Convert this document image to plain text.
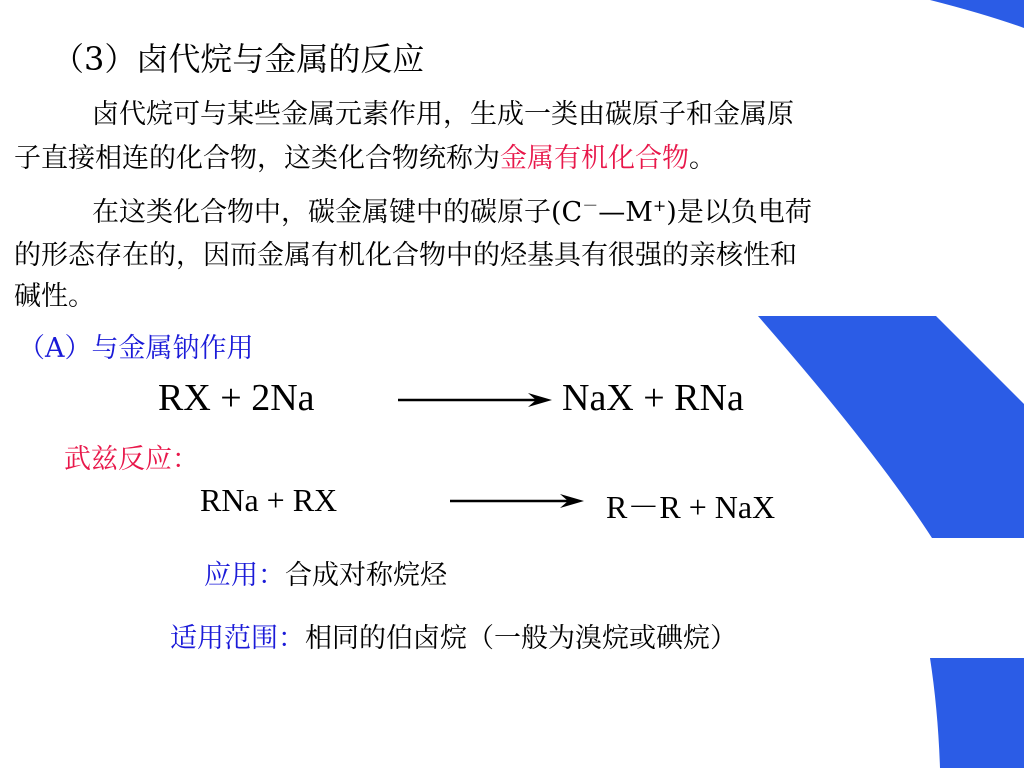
（3）卤代烷与金属的反应
卤代烷可与某些金属元素作用，生成一类由碳原子和金属原
子直接相连的化合物，这类化合物统称为金属有机化合物。
在这类化合物中，碳金属键中的碳原子(C－—M+)是以负电荷
的形态存在的，因而金属有机化合物中的烃基具有很强的亲核性和
碱性。
（A）与金属钠作用
RX + 2Na	NaX + RNa
武兹反应：
RNa + RX	R－R + NaX
应用：合成对称烷烃
适用范围：相同的伯卤烷（一般为溴烷或碘烷）
